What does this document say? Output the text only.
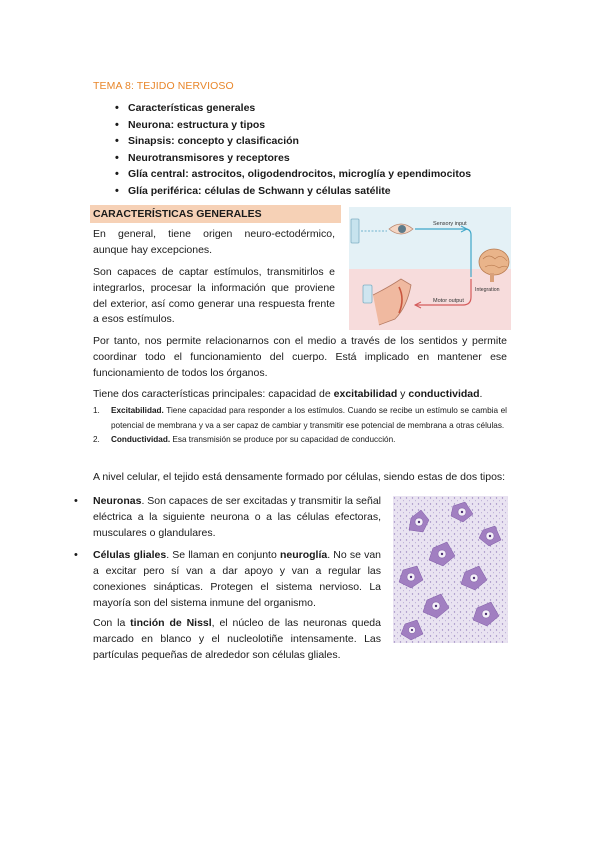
TEMA 8: TEJIDO NERVIOSO
• Características generales
• Neurona: estructura y tipos
• Sinapsis: concepto y clasificación
• Neurotransmisores y receptores
• Glía central: astrocitos, oligodendrocitos, microglía y ependimocitos
• Glía periférica: células de Schwann y células satélite
CARACTERÍSTICAS GENERALES
En general, tiene origen neuro-ectodérmico, aunque hay excepciones.
Son capaces de captar estímulos, transmitirlos e integrarlos, procesar la información que proviene del exterior, así como generar una respuesta frente a esos estímulos.
Por tanto, nos permite relacionarnos con el medio a través de los sentidos y permite coordinar todo el funcionamiento del cuerpo. Está implicado en mantener ese funcionamiento de todos los órganos.
Tiene dos características principales: capacidad de excitabilidad y conductividad.
1. Excitabilidad. Tiene capacidad para responder a los estímulos. Cuando se recibe un estímulo se cambia el potencial de membrana y va a ser capaz de cambiar y transmitir ese potencial de membrana a otras células.
2. Conductividad. Esa transmisión se produce por su capacidad de conducción.
A nivel celular, el tejido está densamente formado por células, siendo estas de dos tipos:
• Neuronas. Son capaces de ser excitadas y transmitir la señal eléctrica a la siguiente neurona o a las células efectoras, musculares o glandulares.
• Células gliales. Se llaman en conjunto neuroglía. No se van a excitar pero sí van a dar apoyo y van a regular las conexiones sinápticas. Protegen el sistema nervioso. La mayoría son del sistema inmune del organismo.
Con la tinción de Nissl, el núcleo de las neuronas queda marcado en blanco y el nucleolotiñe intensamente. Las partículas pequeñas de alrededor son células gliales.
Sensory input
Integration
Motor output
